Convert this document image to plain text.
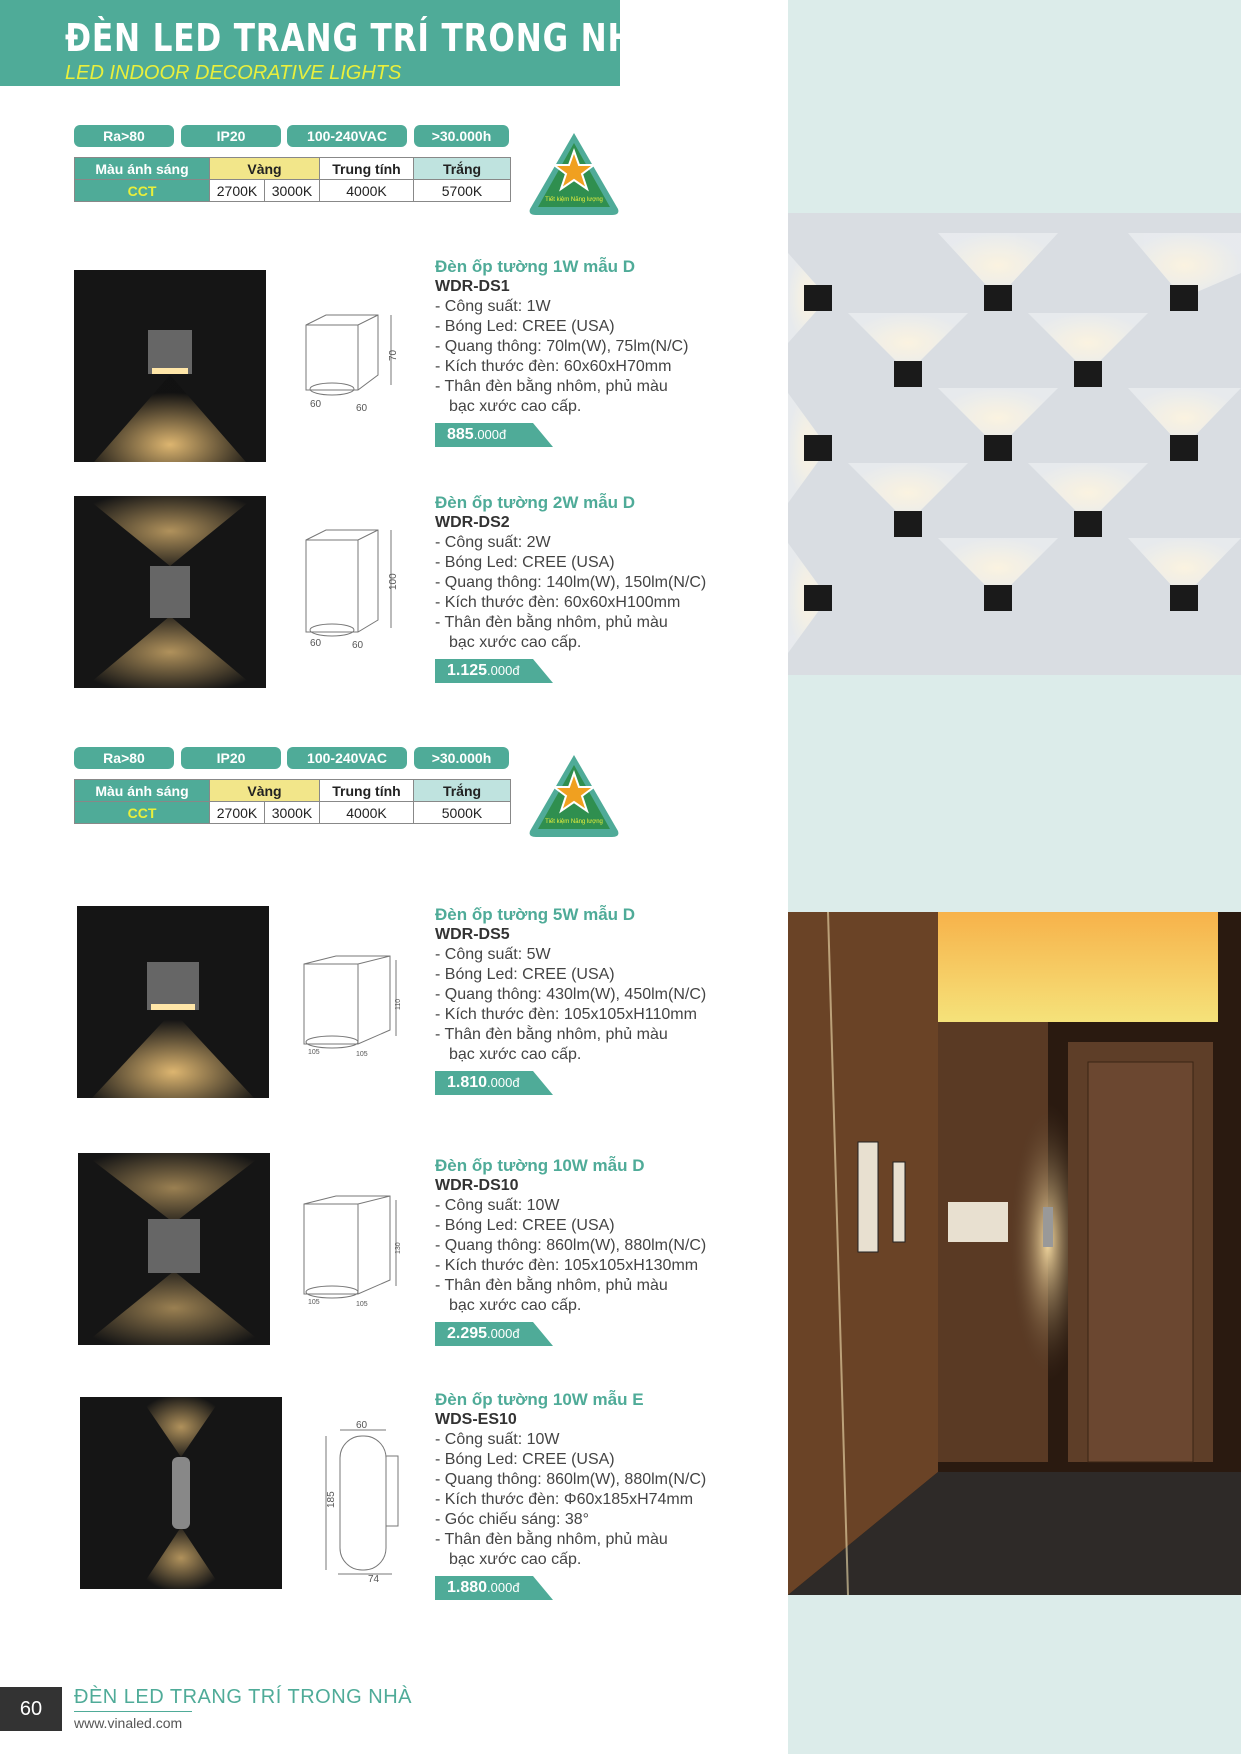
ĐÈN LED TRANG TRÍ TRONG NHÀ
LED INDOOR DECORATIVE LIGHTS
Ra>80	IP20	100-240VAC	>30.000h
Màu ánh sáng	Vàng		Trung tính	Trắng
CCT	2700K	3000K	4000K	5700K
Tiết kiệm Năng lượng
Ra>80	IP20	100-240VAC	>30.000h
Màu ánh sáng	Vàng		Trung tính	Trắng
CCT	2700K	3000K	4000K	5000K
Tiết kiệm Năng lượng
70
60	60
100
60	60
110
105	105
130
105	105
60
185
74
Đèn ốp tường 1W mẫu D
WDR-DS1
- Công suất: 1W
- Bóng Led: CREE (USA)
- Quang thông: 70lm(W), 75lm(N/C)
- Kích thước đèn: 60x60xH70mm
- Thân đèn bằng nhôm, phủ màu
bạc xước cao cấp.
885.000đ
Đèn ốp tường 2W mẫu D
WDR-DS2
- Công suất: 2W
- Bóng Led: CREE (USA)
- Quang thông: 140lm(W), 150lm(N/C)
- Kích thước đèn: 60x60xH100mm
- Thân đèn bằng nhôm, phủ màu
bạc xước cao cấp.
1.125.000đ
Đèn ốp tường 5W mẫu D
WDR-DS5
- Công suất: 5W
- Bóng Led: CREE (USA)
- Quang thông: 430lm(W), 450lm(N/C)
- Kích thước đèn: 105x105xH110mm
- Thân đèn bằng nhôm, phủ màu
bạc xước cao cấp.
1.810.000đ
Đèn ốp tường 10W mẫu D
WDR-DS10
- Công suất: 10W
- Bóng Led: CREE (USA)
- Quang thông: 860lm(W), 880lm(N/C)
- Kích thước đèn: 105x105xH130mm
- Thân đèn bằng nhôm, phủ màu
bạc xước cao cấp.
2.295.000đ
Đèn ốp tường 10W mẫu E
WDS-ES10
- Công suất: 10W
- Bóng Led: CREE (USA)
- Quang thông: 860lm(W), 880lm(N/C)
- Kích thước đèn: Φ60x185xH74mm
- Góc chiếu sáng: 38°
- Thân đèn bằng nhôm, phủ màu
bạc xước cao cấp.
1.880.000đ
60
ĐÈN LED TRANG TRÍ TRONG NHÀ
www.vinaled.com
